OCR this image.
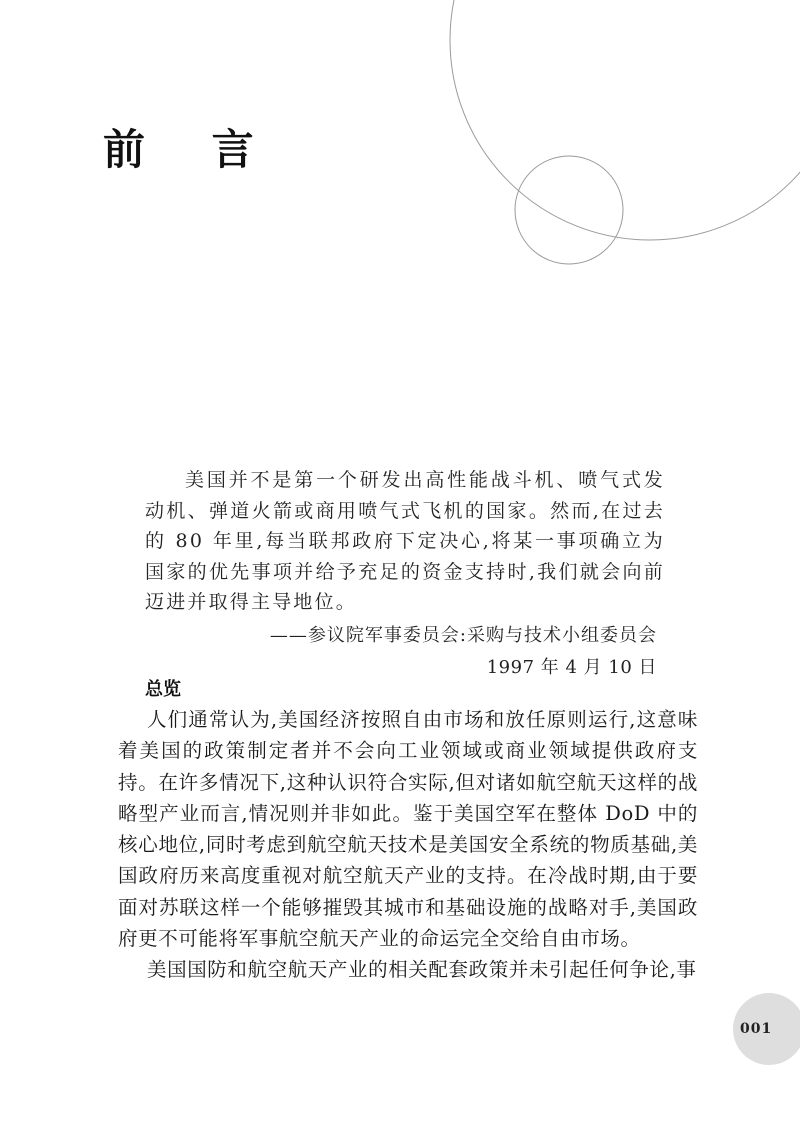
前 言

美国并不是第一个研发出高性能战斗机、喷气式发动机、弹道火箭或商用喷气式飞机的国家。然而,在过去的 80 年里,每当联邦政府下定决心,将某一事项确立为国家的优先事项并给予充足的资金支持时,我们就会向前迈进并取得主导地位。

——参议院军事委员会:采购与技术小组委员会

1997 年 4 月 10 日

总览

人们通常认为,美国经济按照自由市场和放任原则运行,这意味着美国的政策制定者并不会向工业领域或商业领域提供政府支持。在许多情况下,这种认识符合实际,但对诸如航空航天这样的战略型产业而言,情况则并非如此。鉴于美国空军在整体 DoD 中的核心地位,同时考虑到航空航天技术是美国安全系统的物质基础,美国政府历来高度重视对航空航天产业的支持。在冷战时期,由于要面对苏联这样一个能够摧毁其城市和基础设施的战略对手,美国政府更不可能将军事航空航天产业的命运完全交给自由市场。

美国国防和航空航天产业的相关配套政策并未引起任何争论,事

001
